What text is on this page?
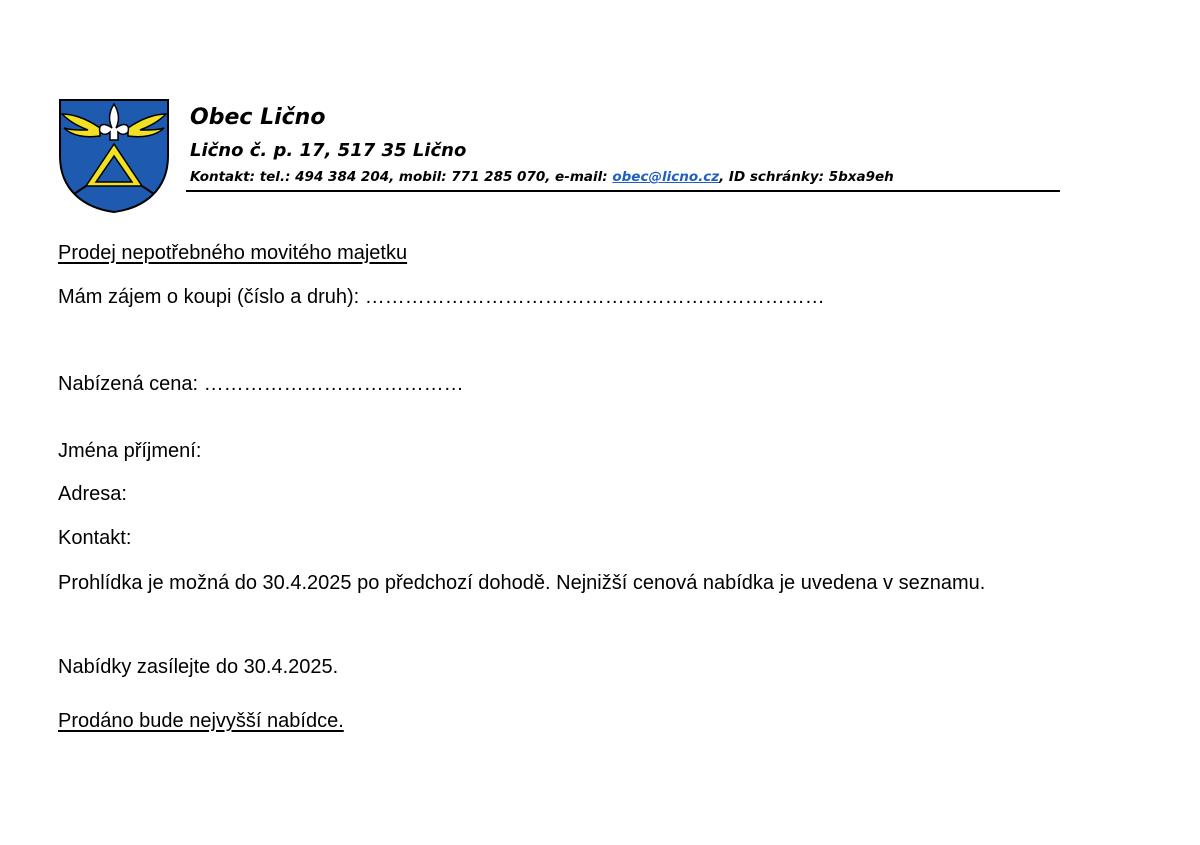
Obec Lično
Lično č. p. 17, 517 35 Lično
Kontakt: tel.: 494 384 204, mobil: 771 285 070, e-mail: obec@licno.cz, ID schránky: 5bxa9eh
Prodej nepotřebného movitého majetku
Mám zájem o koupi (číslo a druh): ……………………………………………………………
Nabízená cena: …………………………………
Jména příjmení:
Adresa:
Kontakt:
Prohlídka je možná do 30.4.2025 po předchozí dohodě. Nejnižší cenová nabídka je uvedena v seznamu.
Nabídky zasílejte do 30.4.2025.
Prodáno bude nejvyšší nabídce.
